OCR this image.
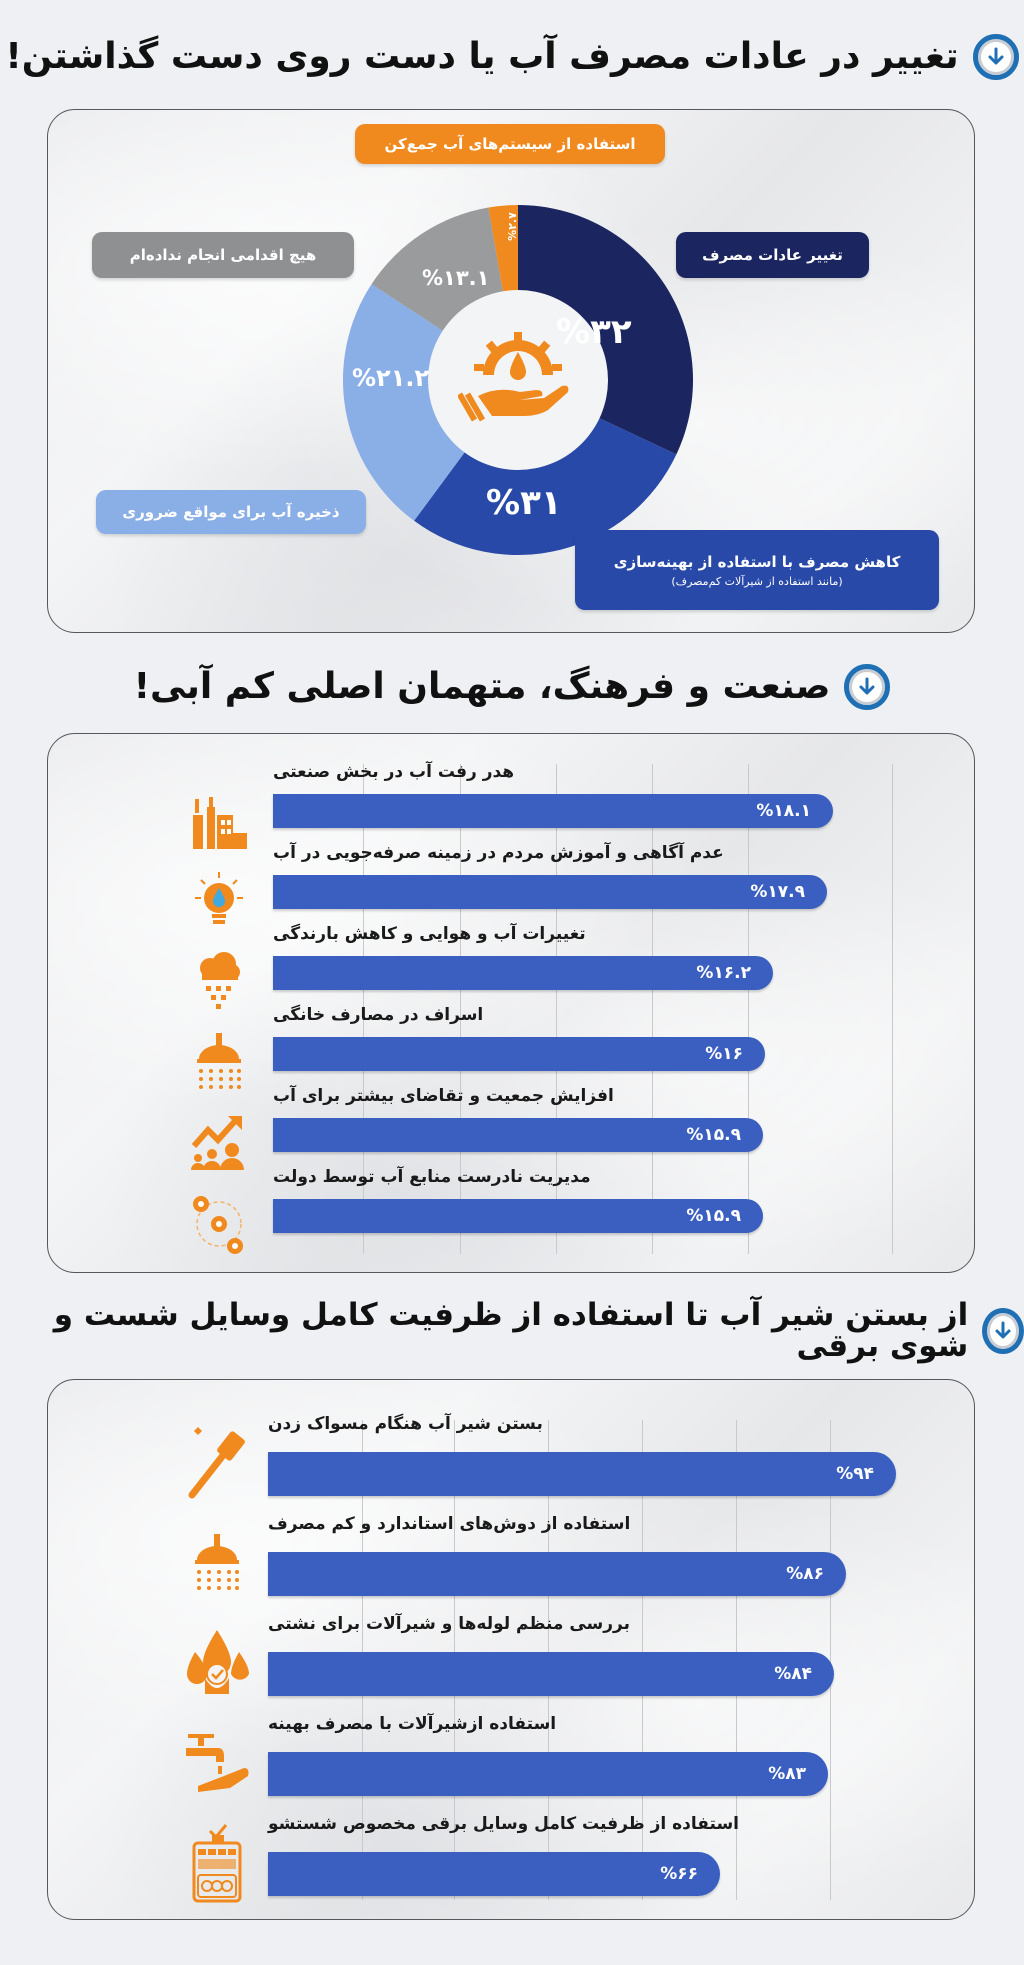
تغییر در عادات مصرف آب یا دست روی دست گذاشتن!
%۳۲
%۳۱
%۲۱.۲
%۱۳.۱
%۲.۷
استفاده از سیستم‌های آب جمع‌کن
تغییر عادات مصرف
هیچ اقدامی انجام نداده‌ام
ذخیره آب برای مواقع ضروری
کاهش مصرف با استفاده از بهینه‌سازی
(مانند استفاده از شیرآلات کم‌مصرف)
صنعت و فرهنگ، متهمان اصلی کم آبی!
هدر رفت آب در بخش صنعتی
%۱۸.۱
عدم آگاهی و آموزش مردم در زمینه صرفه‌جویی در آب
%۱۷.۹
تغییرات آب و هوایی و کاهش بارندگی
%۱۶.۲
اسراف در مصارف خانگی
%۱۶
افزایش جمعیت و تقاضای بیشتر برای آب
%۱۵.۹
مدیریت نادرست منابع آب توسط دولت
%۱۵.۹
از بستن شیر آب تا استفاده از ظرفیت کامل وسایل شست و شوی برقی
بستن شیر آب هنگام مسواک زدن
%۹۴
استفاده از دوش‌های استاندارد و کم مصرف
%۸۶
بررسی منظم لوله‌ها و شیرآلات برای نشتی
%۸۴
استفاده ازشیرآلات با مصرف بهینه
%۸۳
استفاده از ظرفیت کامل وسایل برقی مخصوص شستشو
%۶۶
